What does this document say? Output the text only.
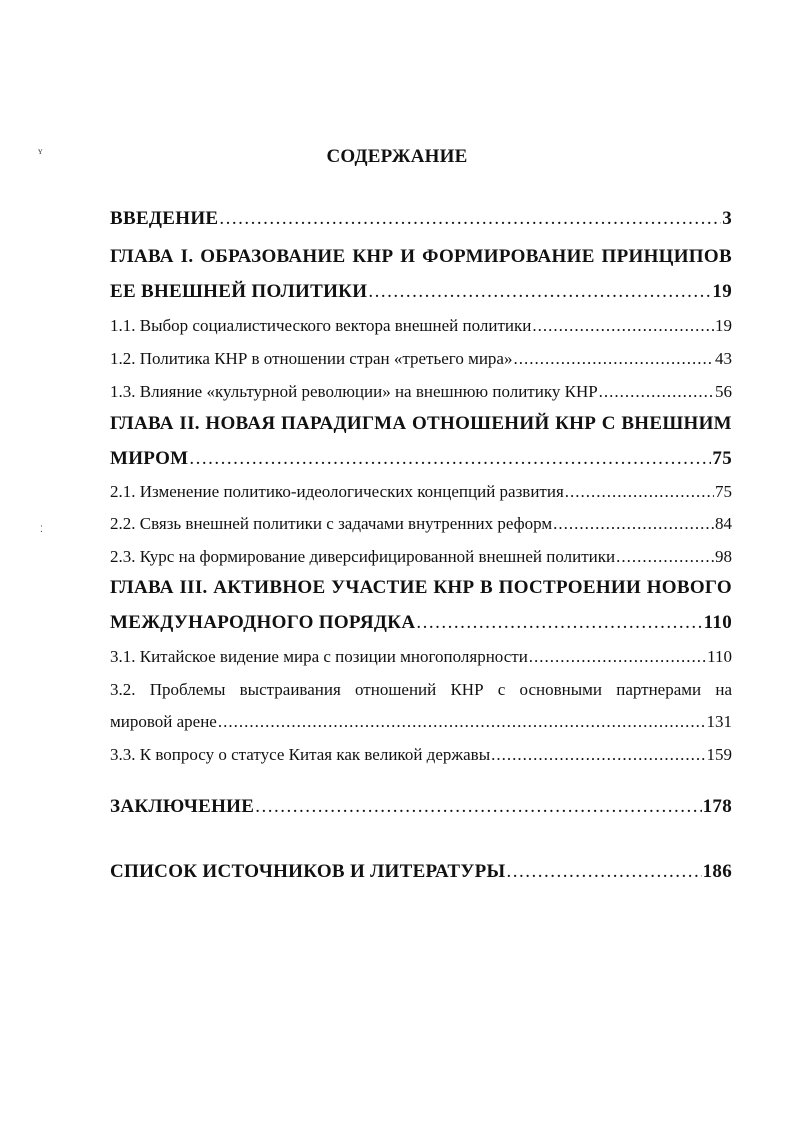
СОДЕРЖАНИЕ
ʏ
⁚
ВВЕДЕНИЕ .....	3
ГЛАВА I. ОБРАЗОВАНИЕ КНР И ФОРМИРОВАНИЕ ПРИНЦИПОВ
ЕЕ ВНЕШНЕЙ ПОЛИТИКИ .....	19
1.1. Выбор социалистического вектора внешней политики .....	19
1.2. Политика КНР в отношении стран «третьего мира» .....	43
1.3. Влияние «культурной революции» на внешнюю политику КНР .....	56
ГЛАВА II. НОВАЯ ПАРАДИГМА ОТНОШЕНИЙ КНР С ВНЕШНИМ
МИРОМ .....	75
2.1. Изменение политико-идеологических концепций развития .....	75
2.2. Связь внешней политики с задачами внутренних реформ .....	84
2.3. Курс на формирование диверсифицированной внешней политики .....	98
ГЛАВА III. АКТИВНОЕ УЧАСТИЕ КНР В ПОСТРОЕНИИ НОВОГО
МЕЖДУНАРОДНОГО ПОРЯДКА .....	110
3.1. Китайское видение мира с позиции многополярности .....	110
3.2. Проблемы выстраивания отношений КНР с основными партнерами на
мировой арене .....	131
3.3. К вопросу о статусе Китая как великой державы .....	159
ЗАКЛЮЧЕНИЕ .....	178
СПИСОК ИСТОЧНИКОВ И ЛИТЕРАТУРЫ .....	186
